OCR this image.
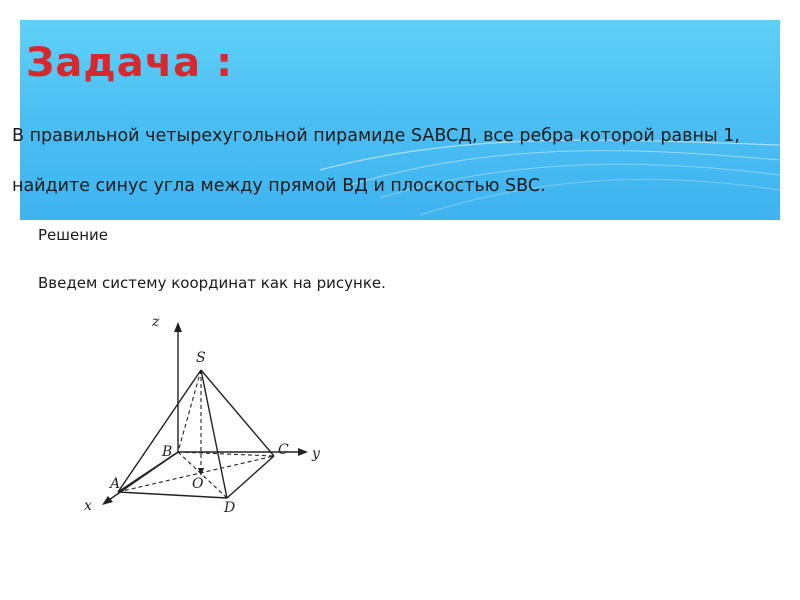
Задача :
В правильной четырехугольной пирамиде SABCД, все ребра которой равны 1,
найдите синус угла между прямой ВД и плоскостью SBC.
Решение
Введем систему координат как на рисунке.
z
y
x
S
A
B	C
D
O
